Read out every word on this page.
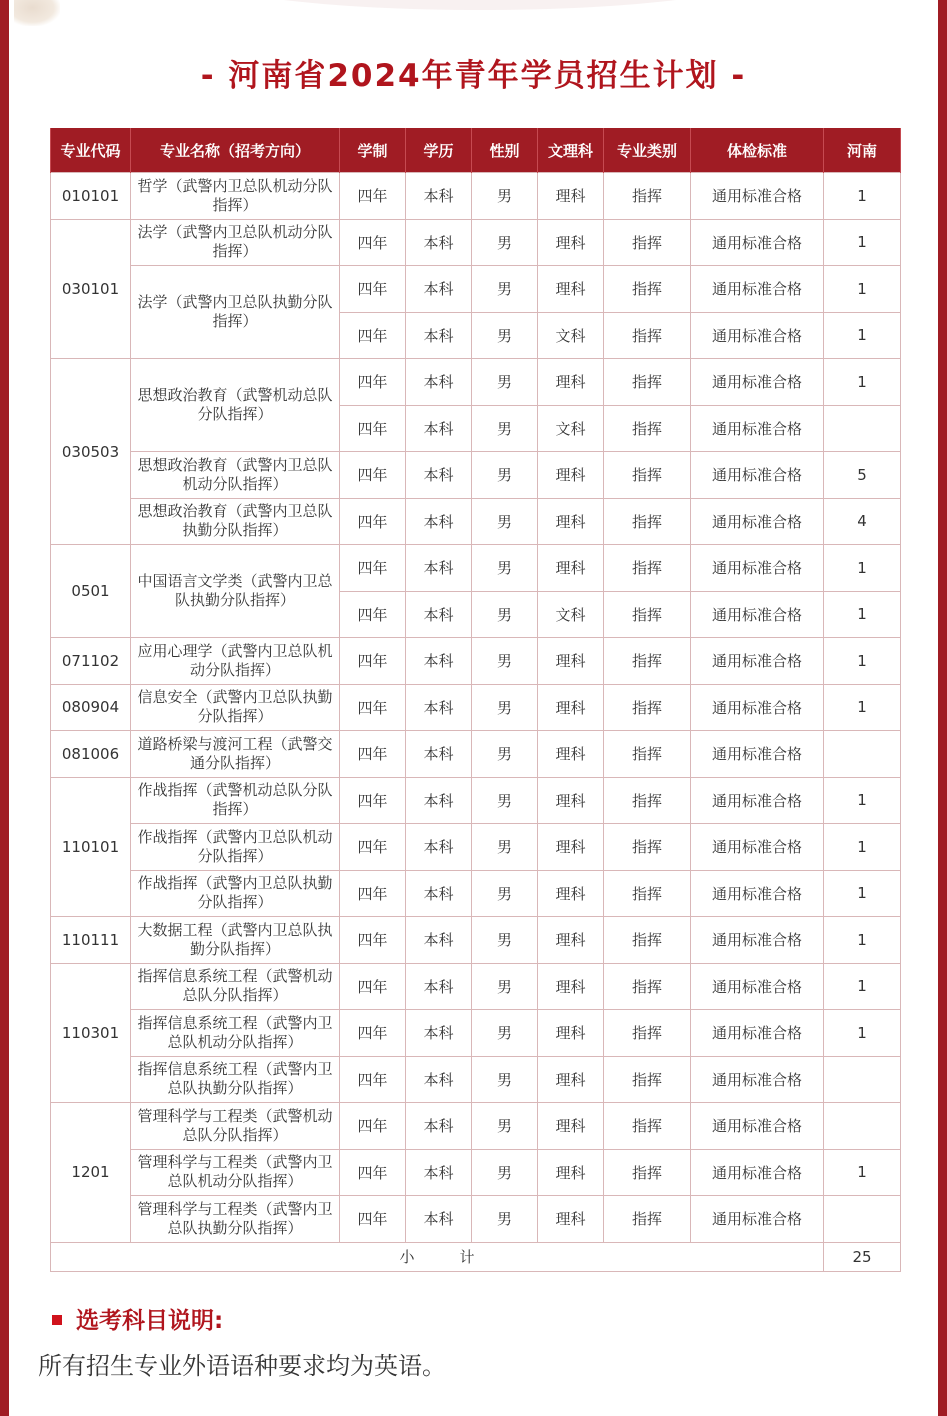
- 河南省2024年青年学员招生计划 -
专业代码	专业名称（招考方向）	学制	学历	性别	文理科	专业类别	体检标准	河南
010101	哲学（武警内卫总队机动分队指挥）	四年	本科	男	理科	指挥	通用标准合格	1
030101	法学（武警内卫总队机动分队指挥）	四年	本科	男	理科	指挥	通用标准合格	1
	法学（武警内卫总队执勤分队指挥）	四年	本科	男	理科	指挥	通用标准合格	1
		四年	本科	男	文科	指挥	通用标准合格	1
030503	思想政治教育（武警机动总队分队指挥）	四年	本科	男	理科	指挥	通用标准合格	1
		四年	本科	男	文科	指挥	通用标准合格	
	思想政治教育（武警内卫总队机动分队指挥）	四年	本科	男	理科	指挥	通用标准合格	5
	思想政治教育（武警内卫总队执勤分队指挥）	四年	本科	男	理科	指挥	通用标准合格	4
0501	中国语言文学类（武警内卫总队执勤分队指挥）	四年	本科	男	理科	指挥	通用标准合格	1
		四年	本科	男	文科	指挥	通用标准合格	1
071102	应用心理学（武警内卫总队机动分队指挥）	四年	本科	男	理科	指挥	通用标准合格	1
080904	信息安全（武警内卫总队执勤分队指挥）	四年	本科	男	理科	指挥	通用标准合格	1
081006	道路桥梁与渡河工程（武警交通分队指挥）	四年	本科	男	理科	指挥	通用标准合格	
110101	作战指挥（武警机动总队分队指挥）	四年	本科	男	理科	指挥	通用标准合格	1
	作战指挥（武警内卫总队机动分队指挥）	四年	本科	男	理科	指挥	通用标准合格	1
	作战指挥（武警内卫总队执勤分队指挥）	四年	本科	男	理科	指挥	通用标准合格	1
110111	大数据工程（武警内卫总队执勤分队指挥）	四年	本科	男	理科	指挥	通用标准合格	1
110301	指挥信息系统工程（武警机动总队分队指挥）	四年	本科	男	理科	指挥	通用标准合格	1
	指挥信息系统工程（武警内卫总队机动分队指挥）	四年	本科	男	理科	指挥	通用标准合格	1
	指挥信息系统工程（武警内卫总队执勤分队指挥）	四年	本科	男	理科	指挥	通用标准合格	
1201	管理科学与工程类（武警机动总队分队指挥）	四年	本科	男	理科	指挥	通用标准合格	
	管理科学与工程类（武警内卫总队机动分队指挥）	四年	本科	男	理科	指挥	通用标准合格	1
	管理科学与工程类（武警内卫总队执勤分队指挥）	四年	本科	男	理科	指挥	通用标准合格	
小　　　计								25
选考科目说明:
所有招生专业外语语种要求均为英语。
